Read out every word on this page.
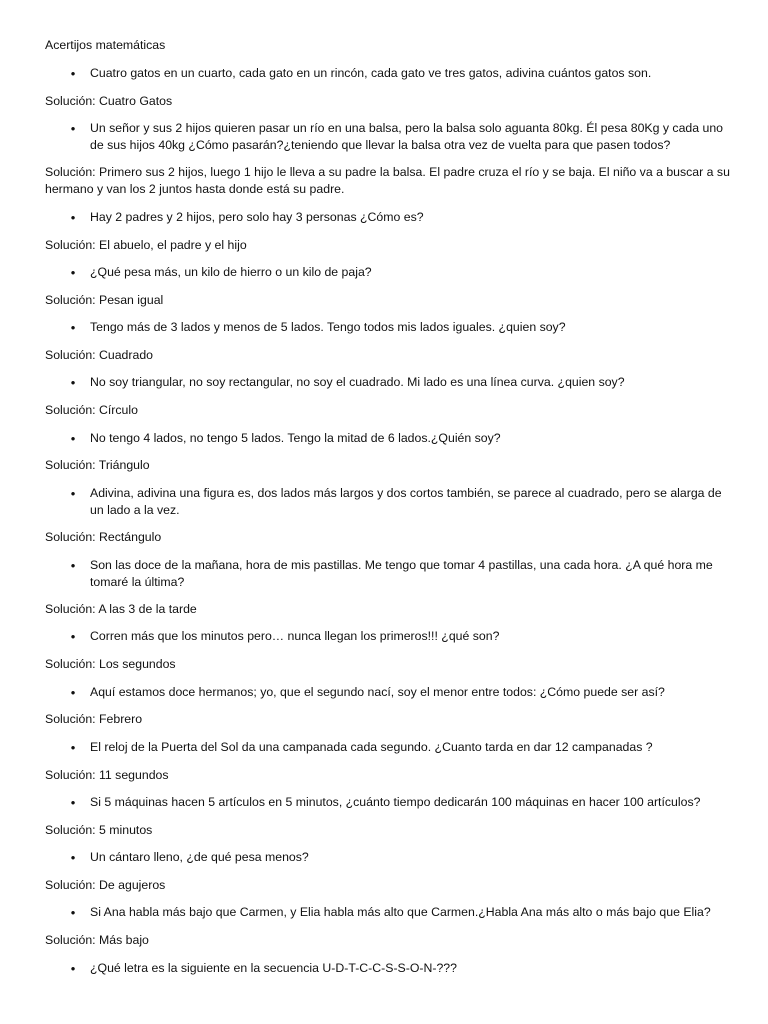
Acertijos matemáticas
•
Cuatro gatos en un cuarto, cada gato en un rincón, cada gato ve tres gatos, adivina cuántos gatos son.
Solución: Cuatro Gatos
•
Un señor y sus 2 hijos quieren pasar un río en una balsa, pero la balsa solo aguanta 80kg. Él pesa 80Kg y cada uno de sus hijos 40kg ¿Cómo pasarán?¿teniendo que llevar la balsa otra vez de vuelta para que pasen todos?
Solución: Primero sus 2 hijos, luego 1 hijo le lleva a su padre la balsa. El padre cruza el río y se baja. El niño va a buscar a su hermano y van los 2 juntos hasta donde está su padre.
•
Hay 2 padres y 2 hijos, pero solo hay 3 personas ¿Cómo es?
Solución: El abuelo, el padre y el hijo
•
¿Qué pesa más, un kilo de hierro o un kilo de paja?
Solución: Pesan igual
•
Tengo más de 3 lados y menos de 5 lados. Tengo todos mis lados iguales. ¿quien soy?
Solución: Cuadrado
•
No soy triangular, no soy rectangular, no soy el cuadrado. Mi lado es una línea curva. ¿quien soy?
Solución: Círculo
•
No tengo 4 lados, no tengo 5 lados. Tengo la mitad de 6 lados.¿Quién soy?
Solución: Triángulo
•
Adivina, adivina una figura es, dos lados más largos y dos cortos también, se parece al cuadrado, pero se alarga de un lado a la vez.
Solución: Rectángulo
•
Son las doce de la mañana, hora de mis pastillas. Me tengo que tomar 4 pastillas, una cada hora. ¿A qué hora me tomaré la última?
Solución: A las 3 de la tarde
•
Corren más que los minutos pero… nunca llegan los primeros!!! ¿qué son?
Solución: Los segundos
•
Aquí estamos doce hermanos; yo, que el segundo nací, soy el menor entre todos: ¿Cómo puede ser así?
Solución: Febrero
•
El reloj de la Puerta del Sol da una campanada cada segundo. ¿Cuanto tarda en dar 12 campanadas ?
Solución: 11 segundos
•
Si 5 máquinas hacen 5 artículos en 5 minutos, ¿cuánto tiempo dedicarán 100 máquinas en hacer 100 artículos?
Solución: 5 minutos
•
Un cántaro lleno, ¿de qué pesa menos?
Solución: De agujeros
•
Si Ana habla más bajo que Carmen, y Elia habla más alto que Carmen.¿Habla Ana más alto o más bajo que Elia?
Solución: Más bajo
•
¿Qué letra es la siguiente en la secuencia U-D-T-C-C-S-S-O-N-???
